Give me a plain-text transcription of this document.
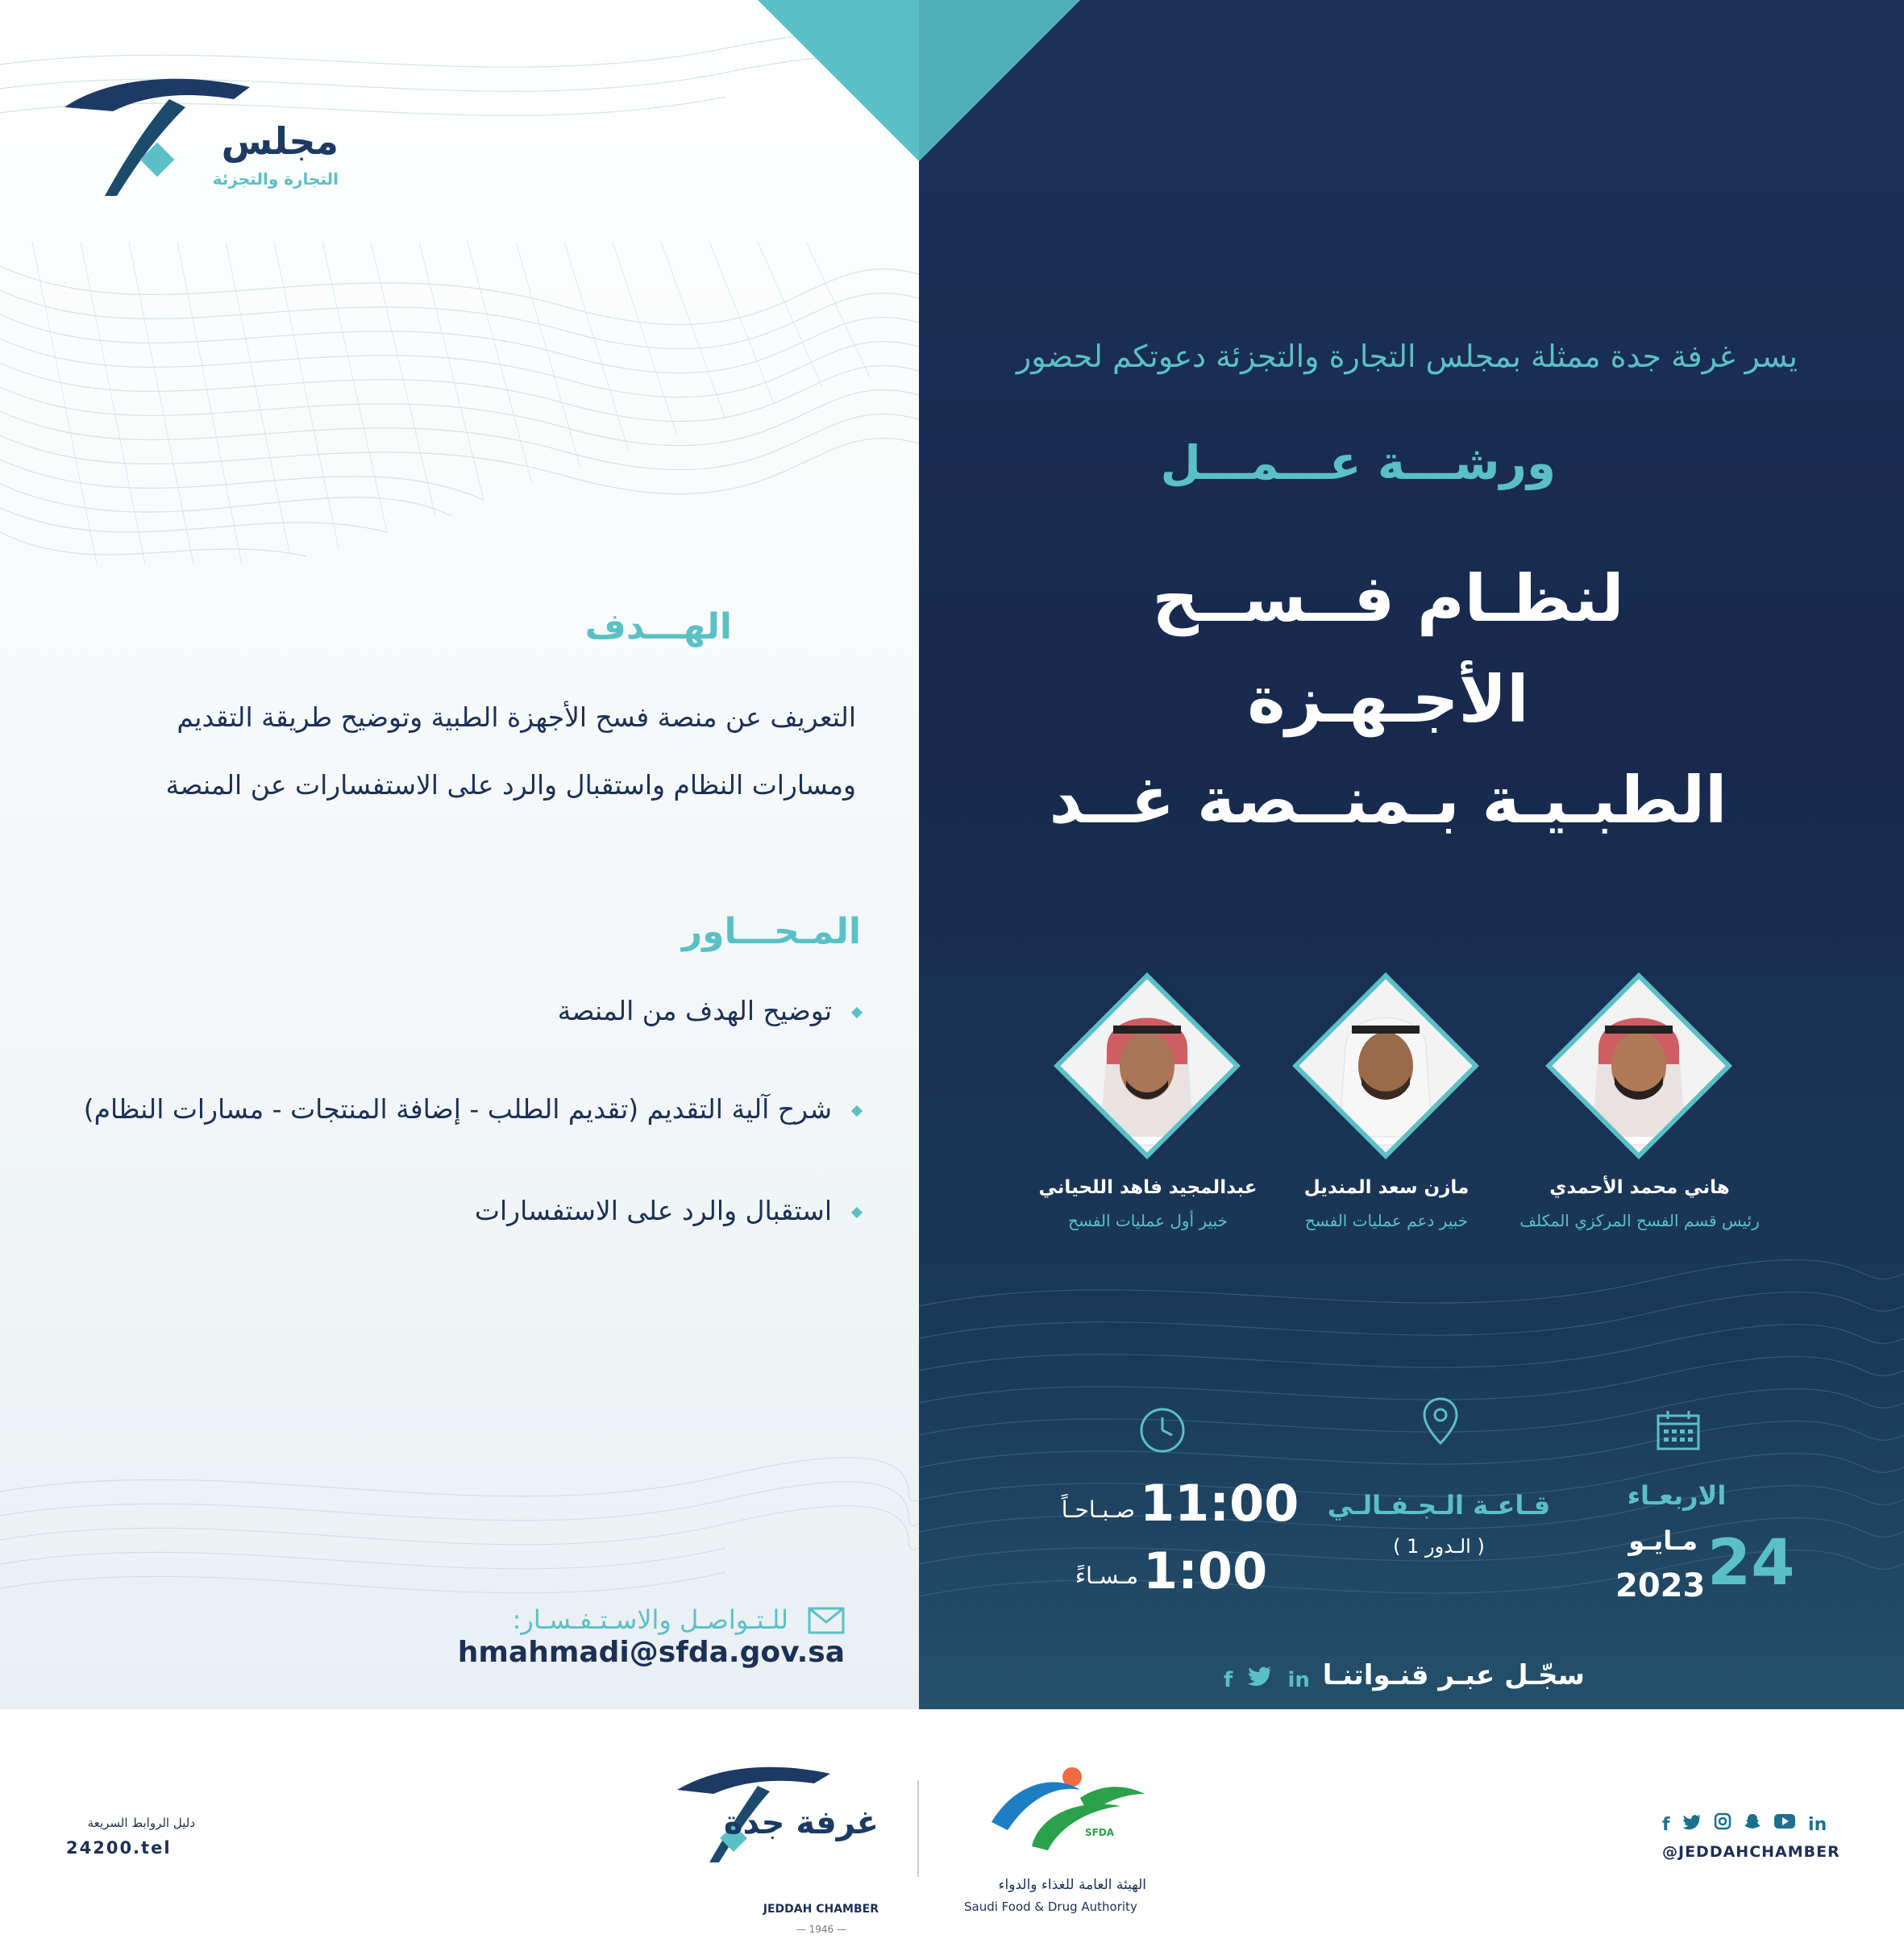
مجلس
التجارة والتجزئة
الهـــدف
التعريف عن منصة فسح الأجهزة الطبية وتوضيح طريقة التقديم
ومسارات النظام واستقبال والرد على الاستفسارات عن المنصة
المـحـــاور
توضيح الهدف من المنصة
شرح آلية التقديم (تقديم الطلب - إضافة المنتجات - مسارات النظام)
استقبال والرد على الاستفسارات
للـتـواصـل والاسـتـفـسـار:  hmahmadi@sfda.gov.sa
يسر غرفة جدة ممثلة بمجلس التجارة والتجزئة دعوتكم لحضور
ورشـــة عـــمـــل
لنظـام فــســح الأجـهـزة
الطبـيـة بـمنــصة غــد
هاني محمد الأحمدي
رئيس قسم الفسح المركزي المكلف
مازن سعد المنديل
خبير دعم عمليات الفسح
عبدالمجيد فاهد اللحياني
خبير أول عمليات الفسح
الاربعـاء
24
مـايـو
2023
قـاعـة الـجـفـالـي
( الـدور 1 )
11:00
صـبـاحـاً
1:00
مـسـاءً
سجّـل عبـر قنـواتنـا
f	in
دليل الروابط السريعة
24200.tel
غرفة جدة
JEDDAH CHAMBER
— 1946 —
SFDA
الهيئة العامة للغذاء والدواء
Saudi Food & Drug Authority
f	in
@JEDDAHCHAMBER
